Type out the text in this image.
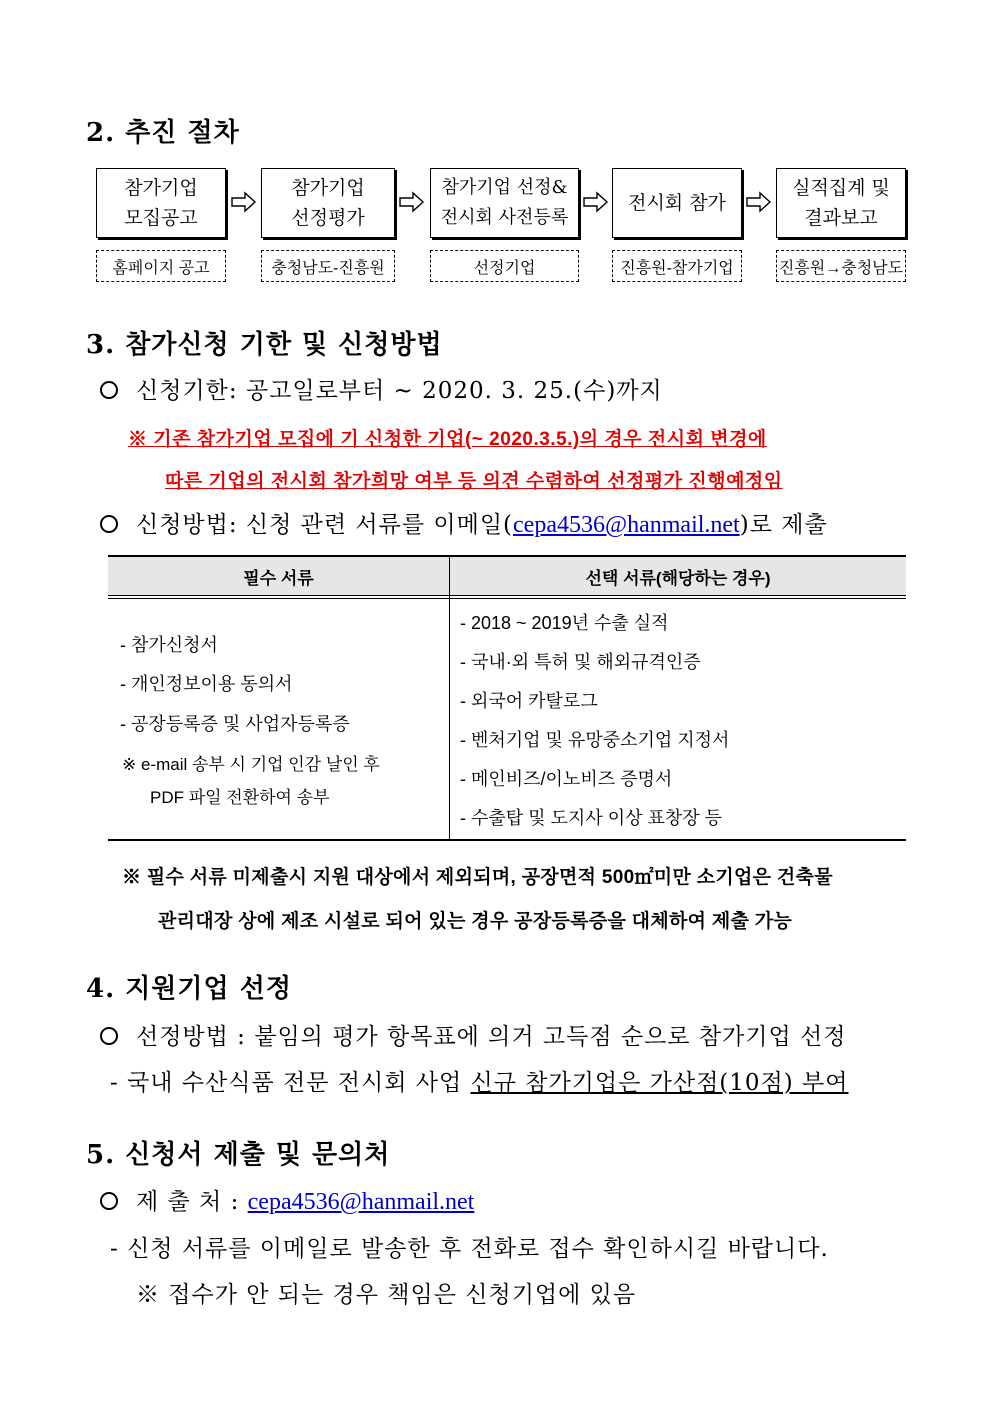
2. 추진 절차
참가기업
모집공고
참가기업
선정평가
참가기업 선정&
전시회 사전등록
전시회 참가
실적집계 및
결과보고
홈페이지 공고	충청남도-진흥원	선정기업	진흥원-참가기업	진흥원→충청남도
3. 참가신청 기한 및 신청방법
신청기한: 공고일로부터 ~ 2020. 3. 25.(수)까지
※ 기존 참가기업 모집에 기 신청한 기업(~ 2020.3.5.)의 경우 전시회 변경에
따른 기업의 전시회 참가희망 여부 등 의견 수렴하여 선정평가 진행예정임
신청방법: 신청 관련 서류를 이메일(cepa4536@hanmail.net)로 제출
필수 서류	선택 서류(해당하는 경우)
- 참가신청서
- 개인정보이용 동의서
- 공장등록증 및 사업자등록증
※ e-mail 송부 시 기업 인감 날인 후
PDF 파일 전환하여 송부
- 2018 ~ 2019년 수출 실적
- 국내·외 특허 및 해외규격인증
- 외국어 카탈로그
- 벤처기업 및 유망중소기업 지정서
- 메인비즈/이노비즈 증명서
- 수출탑 및 도지사 이상 표창장 등
※ 필수 서류 미제출시 지원 대상에서 제외되며, 공장면적 500㎡미만 소기업은 건축물
관리대장 상에 제조 시설로 되어 있는 경우 공장등록증을 대체하여 제출 가능
4. 지원기업 선정
선정방법 : 붙임의 평가 항목표에 의거 고득점 순으로 참가기업 선정
- 국내 수산식품 전문 전시회 사업 신규 참가기업은 가산점(10점) 부여
5. 신청서 제출 및 문의처
제 출 처 : cepa4536@hanmail.net
- 신청 서류를 이메일로 발송한 후 전화로 접수 확인하시길 바랍니다.
※ 접수가 안 되는 경우 책임은 신청기업에 있음
